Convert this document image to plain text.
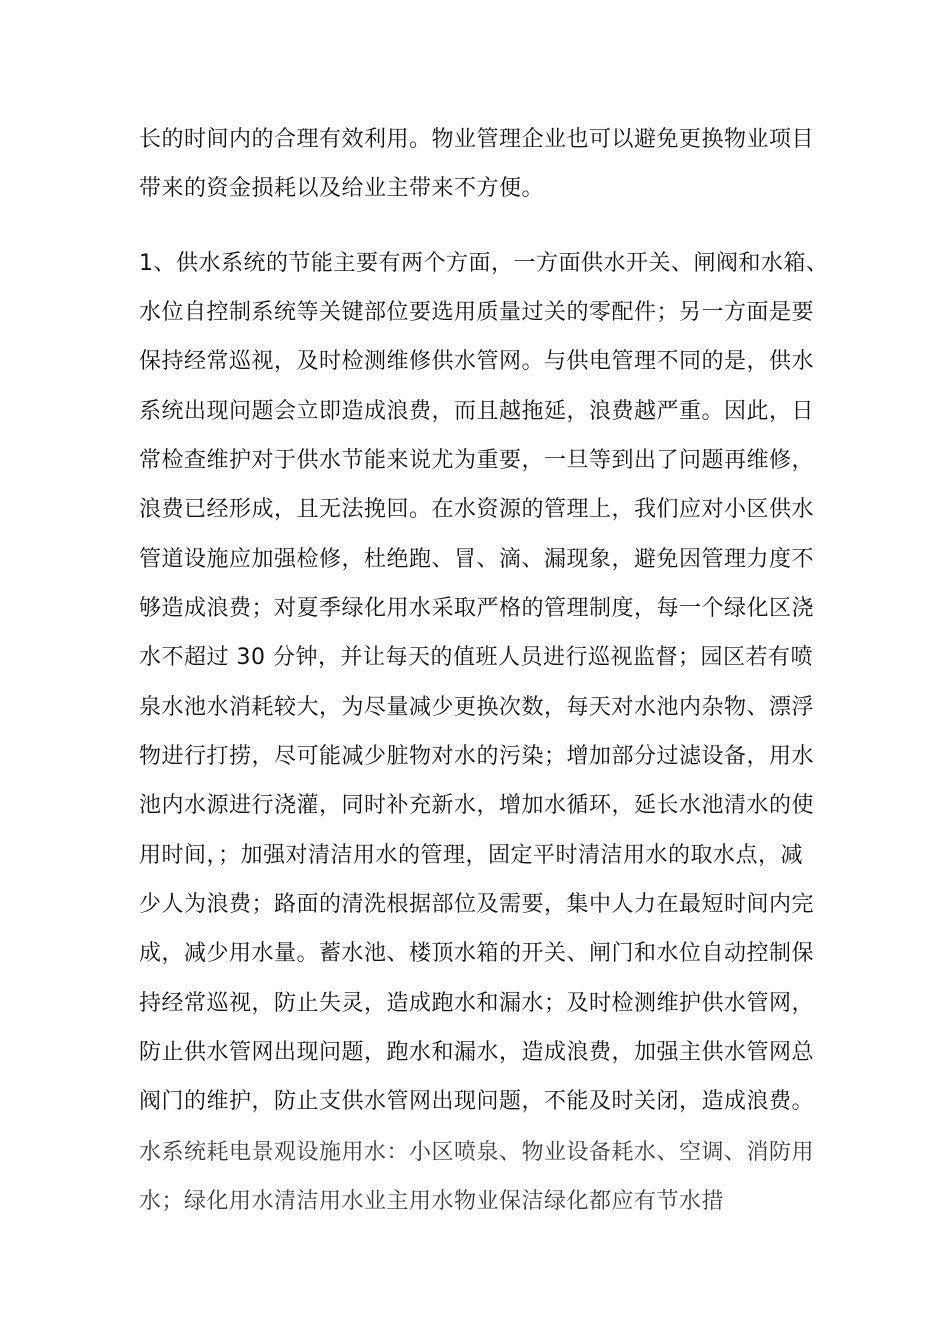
长的时间内的合理有效利用。物业管理企业也可以避免更换物业项目
带来的资金损耗以及给业主带来不方便。
1、供水系统的节能主要有两个方面，一方面供水开关、闸阀和水箱、
水位自控制系统等关键部位要选用质量过关的零配件；另一方面是要
保持经常巡视，及时检测维修供水管网。与供电管理不同的是，供水
系统出现问题会立即造成浪费，而且越拖延，浪费越严重。因此，日
常检查维护对于供水节能来说尤为重要，一旦等到出了问题再维修，
浪费已经形成，且无法挽回。在水资源的管理上，我们应对小区供水
管道设施应加强检修，杜绝跑、冒、滴、漏现象，避免因管理力度不
够造成浪费；对夏季绿化用水采取严格的管理制度，每一个绿化区浇
水不超过 30 分钟，并让每天的值班人员进行巡视监督；园区若有喷
泉水池水消耗较大，为尽量减少更换次数，每天对水池内杂物、漂浮
物进行打捞，尽可能减少脏物对水的污染；增加部分过滤设备，用水
池内水源进行浇灌，同时补充新水，增加水循环，延长水池清水的使
用时间，；加强对清洁用水的管理，固定平时清洁用水的取水点，减
少人为浪费；路面的清洗根据部位及需要，集中人力在最短时间内完
成，减少用水量。蓄水池、楼顶水箱的开关、闸门和水位自动控制保
持经常巡视，防止失灵，造成跑水和漏水；及时检测维护供水管网，
防止供水管网出现问题，跑水和漏水，造成浪费，加强主供水管网总
阀门的维护，防止支供水管网出现问题，不能及时关闭，造成浪费。
水系统耗电景观设施用水：小区喷泉、物业设备耗水、空调、消防用
水；绿化用水清洁用水业主用水物业保洁绿化都应有节水措
